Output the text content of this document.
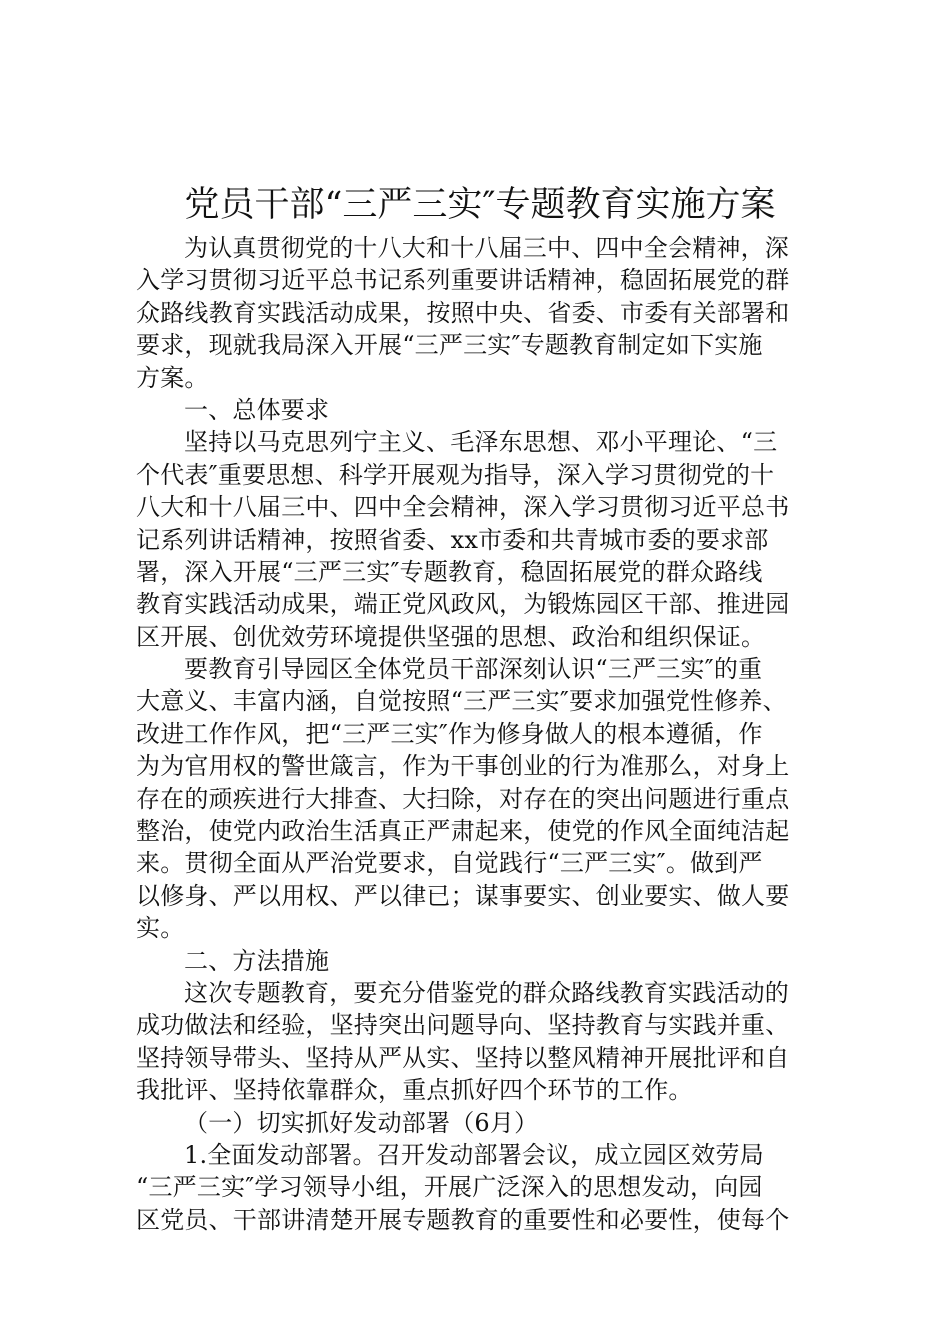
党员干部“三严三实″专题教育实施方案
为认真贯彻党的十八大和十八届三中、四中全会精神，深
入学习贯彻习近平总书记系列重要讲话精神，稳固拓展党的群
众路线教育实践活动成果，按照中央、省委、市委有关部署和
要求，现就我局深入开展“三严三实″专题教育制定如下实施
方案。
一、总体要求
坚持以马克思列宁主义、毛泽东思想、邓小平理论、“三
个代表″重要思想、科学开展观为指导，深入学习贯彻党的十
八大和十八届三中、四中全会精神，深入学习贯彻习近平总书
记系列讲话精神，按照省委、xx市委和共青城市委的要求部
署，深入开展“三严三实″专题教育，稳固拓展党的群众路线
教育实践活动成果，端正党风政风，为锻炼园区干部、推进园
区开展、创优效劳环境提供坚强的思想、政治和组织保证。
要教育引导园区全体党员干部深刻认识“三严三实″的重
大意义、丰富内涵，自觉按照“三严三实″要求加强党性修养、
改进工作作风，把“三严三实″作为修身做人的根本遵循，作
为为官用权的警世箴言，作为干事创业的行为准那么，对身上
存在的顽疾进行大排查、大扫除，对存在的突出问题进行重点
整治，使党内政治生活真正严肃起来，使党的作风全面纯洁起
来。贯彻全面从严治党要求，自觉践行“三严三实″。做到严
以修身、严以用权、严以律已；谋事要实、创业要实、做人要
实。
二、方法措施
这次专题教育，要充分借鉴党的群众路线教育实践活动的
成功做法和经验，坚持突出问题导向、坚持教育与实践并重、
坚持领导带头、坚持从严从实、坚持以整风精神开展批评和自
我批评、坚持依靠群众，重点抓好四个环节的工作。
（一）切实抓好发动部署（6月）
1.全面发动部署。召开发动部署会议，成立园区效劳局
“三严三实″学习领导小组，开展广泛深入的思想发动，向园
区党员、干部讲清楚开展专题教育的重要性和必要性，使每个
